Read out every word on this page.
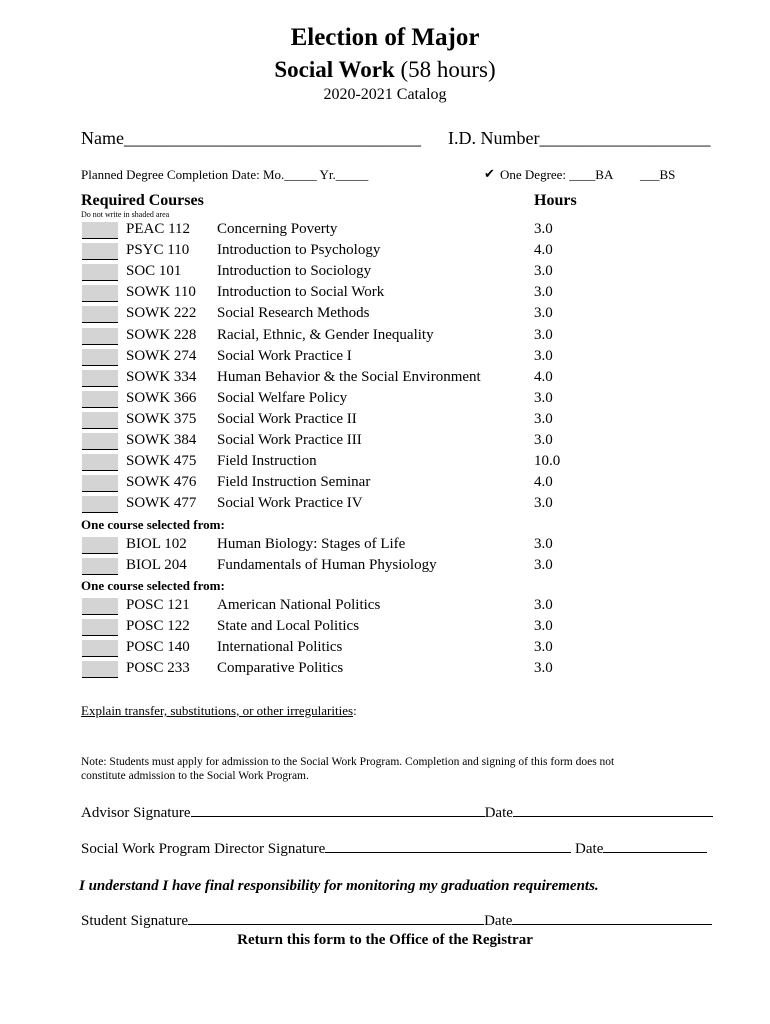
Election of Major
Social Work (58 hours)
2020-2021 Catalog
Name_________________________________ I.D. Number___________________
Planned Degree Completion Date: Mo._____ Yr._____	✔ One Degree: ____BA ___BS
Required Courses	Hours
Do not write in shaded area
PEAC 112 Concerning Poverty	3.0
PSYC 110 Introduction to Psychology	4.0
SOC 101 Introduction to Sociology	3.0
SOWK 110 Introduction to Social Work	3.0
SOWK 222 Social Research Methods	3.0
SOWK 228 Racial, Ethnic, & Gender Inequality	3.0
SOWK 274 Social Work Practice I	3.0
SOWK 334 Human Behavior & the Social Environment	4.0
SOWK 366 Social Welfare Policy	3.0
SOWK 375 Social Work Practice II	3.0
SOWK 384 Social Work Practice III	3.0
SOWK 475 Field Instruction	10.0
SOWK 476 Field Instruction Seminar	4.0
SOWK 477 Social Work Practice IV	3.0
One course selected from:
BIOL 102 Human Biology: Stages of Life	3.0
BIOL 204 Fundamentals of Human Physiology	3.0
One course selected from:
POSC 121 American National Politics	3.0
POSC 122 State and Local Politics	3.0
POSC 140 International Politics	3.0
POSC 233 Comparative Politics	3.0
Explain transfer, substitutions, or other irregularities:
Note: Students must apply for admission to the Social Work Program. Completion and signing of this form does not
constitute admission to the Social Work Program.
Advisor Signature	Date
Social Work Program Director Signature	Date
I understand I have final responsibility for monitoring my graduation requirements.
Student Signature	Date
Return this form to the Office of the Registrar
